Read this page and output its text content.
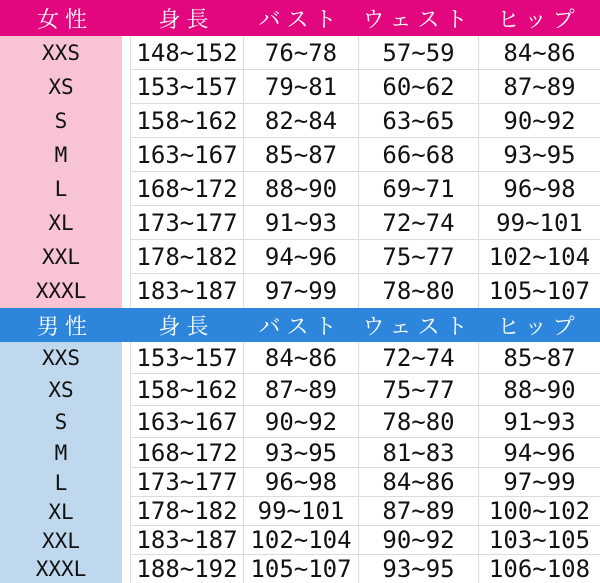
女性	身長	バスト	ウェスト	ヒップ
XXS	148~152	76~78	57~59	84~86
XS	153~157	79~81	60~62	87~89
S	158~162	82~84	63~65	90~92
M	163~167	85~87	66~68	93~95
L	168~172	88~90	69~71	96~98
XL	173~177	91~93	72~74	99~101
XXL	178~182	94~96	75~77	102~104
XXXL	183~187	97~99	78~80	105~107
男性	身長	バスト	ウェスト	ヒップ
XXS	153~157	84~86	72~74	85~87
XS	158~162	87~89	75~77	88~90
S	163~167	90~92	78~80	91~93
M	168~172	93~95	81~83	94~96
L	173~177	96~98	84~86	97~99
XL	178~182	99~101	87~89	100~102
XXL	183~187	102~104	90~92	103~105
XXXL	188~192	105~107	93~95	106~108
